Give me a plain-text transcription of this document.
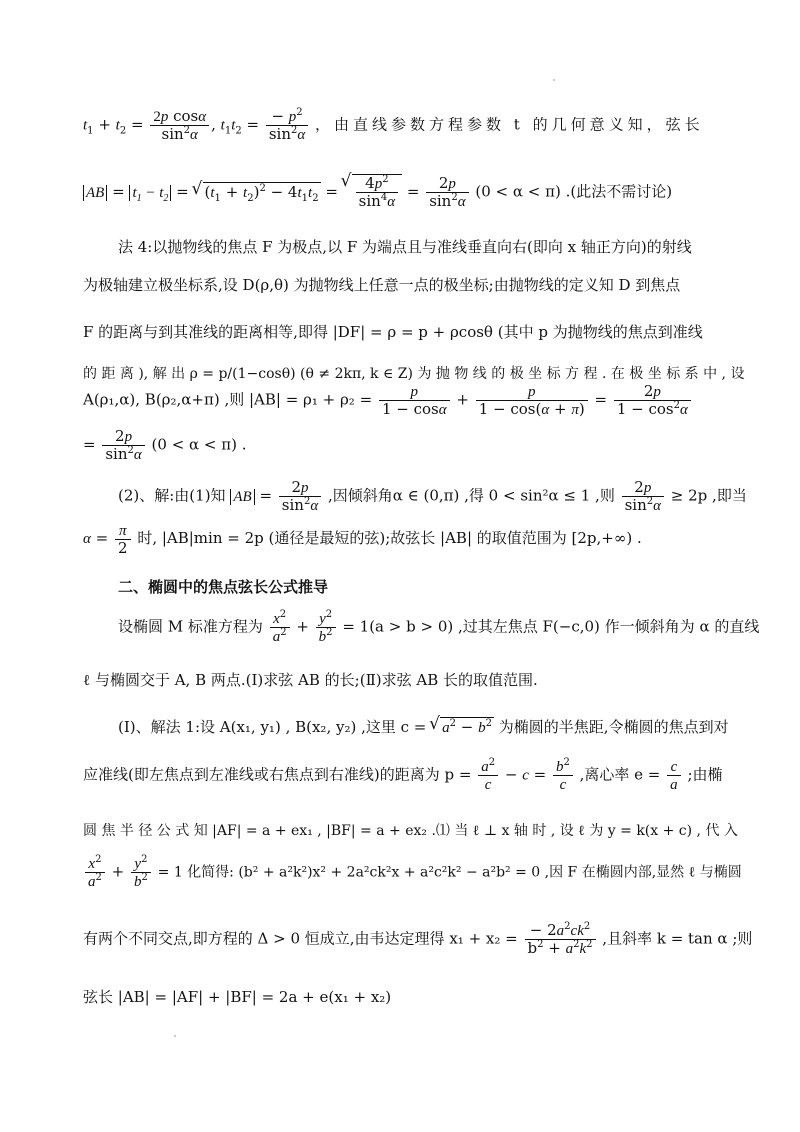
$t_1 + t_2 = \frac{\text{2p cosα}}{\sin^2\alpha}$ , $t_1t_2 = \frac{- p^2}{\sin^2\alpha}$ ，由直线参数方程参数 t 的几何意义知，弦长
AB = $t_1 - t_2$ = √ $(t_1 + t_2)^2 - 4t_1t_2$ = √ $\frac{4p^2}{\sin^4\alpha} = \frac{2p}{\sin^2\alpha} (0 < \alpha < \pi)$ .(此法不需讨论)
法 4:以抛物线的焦点 F 为极点,以 F 为端点且与准线垂直向右(即向 x 轴正方向)的射线
为极轴建立极坐标系,设 D(ρ,θ) 为抛物线上任意一点的极坐标;由抛物线的定义知 D 到焦点
F 的距离与到其准线的距离相等,即得 |DF| = ρ = p + ρcosθ (其中 p 为抛物线的焦点到准线
的 距 离 ), 解 出 ρ = p/(1−cosθ) (θ ≠ 2kπ, k ∈ Z) 为 抛 物 线 的 极 坐 标 方 程 . 在 极 坐 标 系 中 , 设
A(ρ₁,α), B(ρ₂,α+π) ,则 $|AB| = \rho_1 + \rho_2 = \frac{p}{1 - \cos\alpha} + \frac{p}{1 - \cos(\alpha + \pi)} = \frac{2p}{1 - \cos^2\alpha}$
= $\frac{2p}{\sin^2\alpha} (0 < \alpha < \pi)$ .
(2)、解:由(1)知 AB = $\frac{2p}{\sin^2\alpha}$ ,因倾斜角α ∈ (0,π) ,得 0 < sin²α ≤ 1 ,则 $\frac{2p}{\sin^2\alpha} \ge 2p$ ,即当
$\alpha = \frac{\pi}{2}$ 时, |AB|min = 2p (通径是最短的弦);故弦长 |AB| 的取值范围为 [2p,+∞) .
二、椭圆中的焦点弦长公式推导
设椭圆 M 标准方程为 $\frac{x^2}{a^2} + \frac{y^2}{b^2} = 1(a > b > 0)$ ,过其左焦点 F(−c,0) 作一倾斜角为 α 的直线
ℓ 与椭圆交于 A, B 两点.(Ⅰ)求弦 AB 的长;(Ⅱ)求弦 AB 长的取值范围.
(Ⅰ)、解法 1:设 A(x₁, y₁) , B(x₂, y₂) ,这里 c = √ $a^2 - b^2$ 为椭圆的半焦距,令椭圆的焦点到对
应准线(即左焦点到左准线或右焦点到右准线)的距离为 $p = \frac{a^2}{c} - c = \frac{b^2}{c}$ ,离心率 $e = \frac{c}{a}$ ;由椭
圆 焦 半 径 公 式 知 |AF| = a + ex₁ , |BF| = a + ex₂ .⑴ 当 ℓ ⊥ x 轴 时 , 设 ℓ 为 y = k(x + c) , 代 入
$\frac{x^2}{a^2} + \frac{y^2}{b^2} = 1$ 化简得: (b² + a²k²)x² + 2a²ck²x + a²c²k² − a²b² = 0 ,因 F 在椭圆内部,显然 ℓ 与椭圆
有两个不同交点,即方程的 Δ > 0 恒成立,由韦达定理得 $x_1 + x_2 = \frac{- 2a^2ck^2}{b^2 + a^2k^2}$ ,且斜率 k = tan α ;则
弦长 |AB| = |AF| + |BF| = 2a + e(x₁ + x₂)
